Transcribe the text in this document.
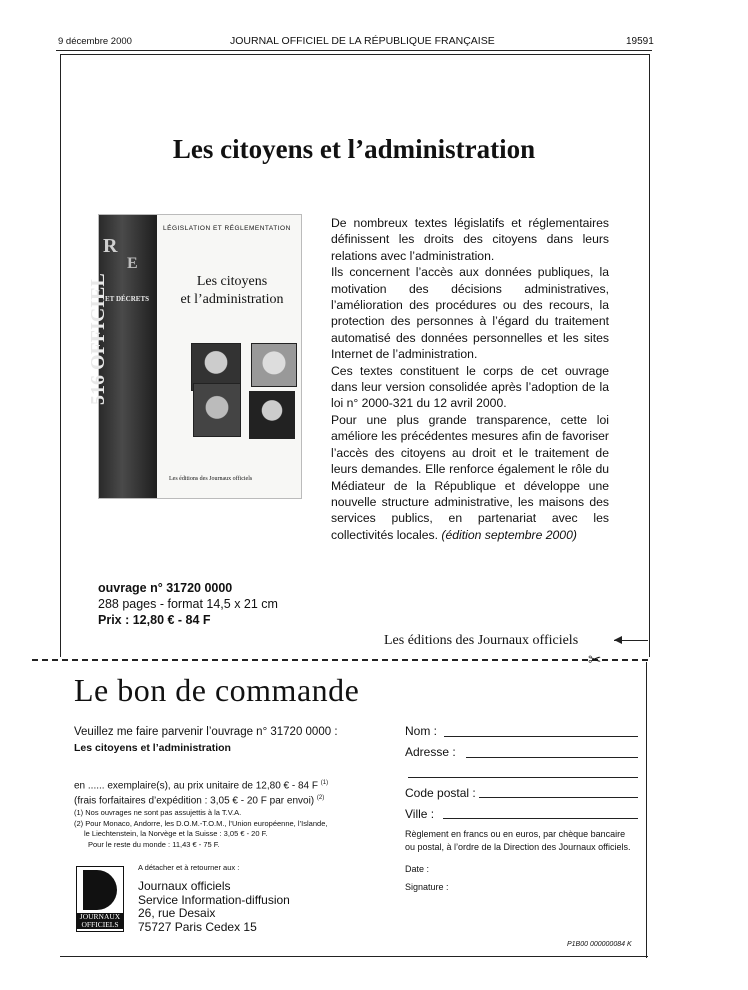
9 décembre 2000	JOURNAL OFFICIEL DE LA RÉPUBLIQUE FRANÇAISE	19591
Les citoyens et l’administration
R
E
ET DÉCRETS
516 OFFICIEL
LÉGISLATION ET RÉGLEMENTATION
Les citoyens
et l’administration
Les éditions des Journaux officiels

De nombreux textes législatifs et réglementaires définissent les droits des citoyens dans leurs relations avec l’administration.

Ils concernent l’accès aux données publiques, la motivation des décisions administratives, l’amélioration des procédures ou des recours, la protection des personnes à l’égard du traitement automatisé des données personnelles et les sites Internet de l’administration.

Ces textes constituent le corps de cet ouvrage dans leur version consolidée après l’adoption de la loi n° 2000-321 du 12 avril 2000.

Pour une plus grande transparence, cette loi améliore les précédentes mesures afin de favoriser l’accès des citoyens au droit et le traitement de leurs demandes. Elle renforce également le rôle du Médiateur de la République et développe une nouvelle structure administrative, les maisons des services publics, en partenariat avec les collectivités locales. (édition septembre 2000)

ouvrage n° 31720 0000
288 pages - format 14,5 x 21 cm
Prix : 12,80 € - 84 F
Les éditions des Journaux officiels
✂
Le bon de commande
Veuillez me faire parvenir l’ouvrage n° 31720 0000 :
Les citoyens et l’administration
en ...... exemplaire(s), au prix unitaire de 12,80 € - 84 F $^{(1)}$
(frais forfaitaires d’expédition : 3,05 € - 20 F par envoi) $^{(2)}$
(1) Nos ouvrages ne sont pas assujettis à la T.V.A.
(2) Pour Monaco, Andorre, les D.O.M.-T.O.M., l’Union européenne, l’Islande,
le Liechtenstein, la Norvège et la Suisse : 3,05 € - 20 F.
Pour le reste du monde : 11,43 € - 75 F.
A détacher et à retourner aux :
JOURNAUX
OFFICIELS
Journaux officiels
Service Information-diffusion
26, rue Desaix
75727 Paris Cedex 15
Nom :
Adresse :
Code postal :
Ville :
Règlement en francs ou en euros, par chèque bancaire
ou postal, à l’ordre de la Direction des Journaux officiels.
Date :
Signature :
P1B00 000000084 K
